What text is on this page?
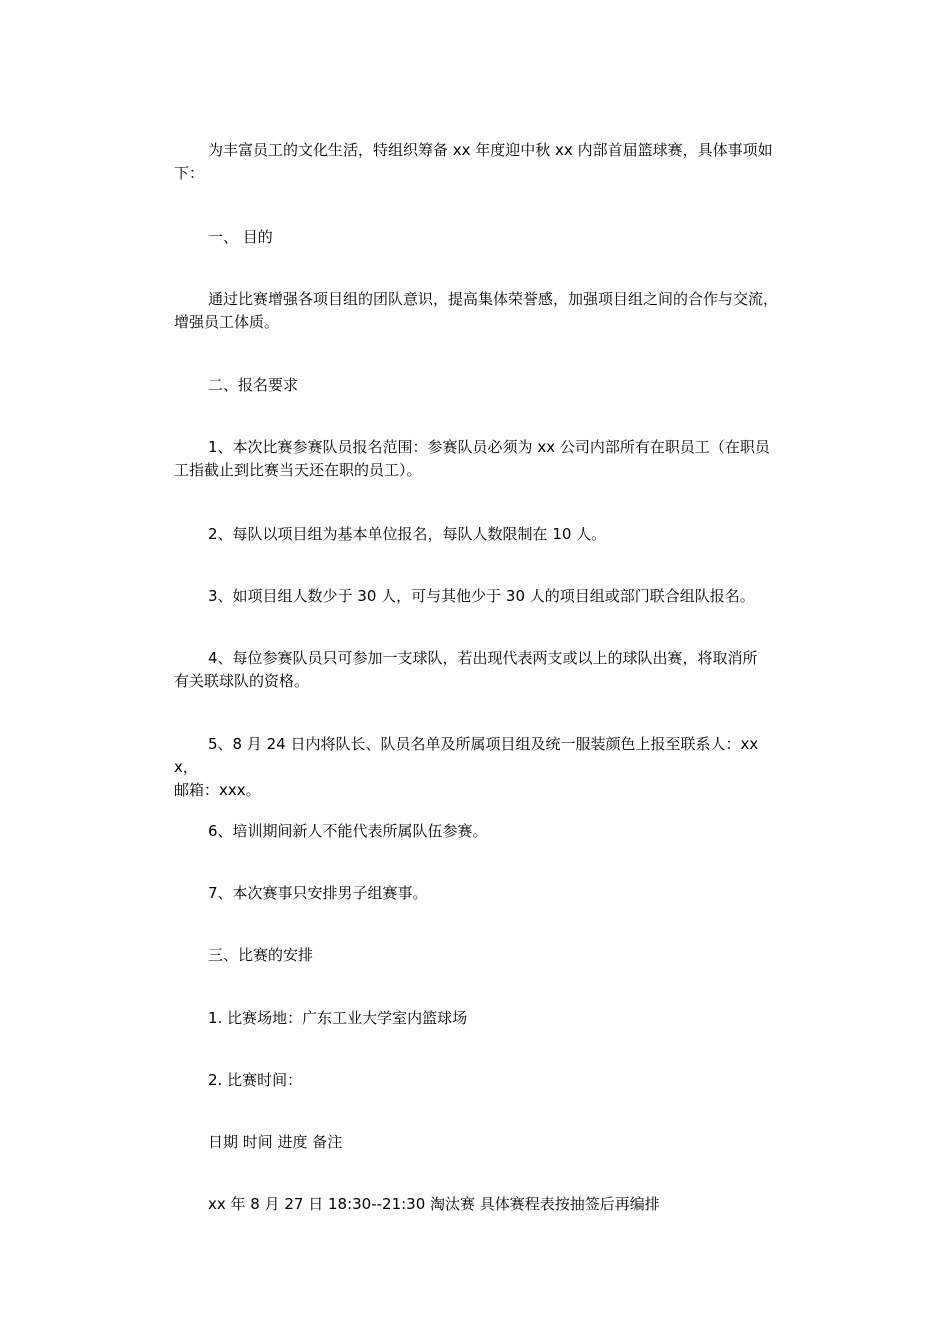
为丰富员工的文化生活，特组织筹备 xx 年度迎中秋 xx 内部首届篮球赛，具体事项如
下：

一、 目的

通过比赛增强各项目组的团队意识，提高集体荣誉感，加强项目组之间的合作与交流，
增强员工体质。

二、报名要求

1、本次比赛参赛队员报名范围：参赛队员必须为 xx 公司内部所有在职员工（在职员
工指截止到比赛当天还在职的员工）。

2、每队以项目组为基本单位报名，每队人数限制在 10 人。

3、如项目组人数少于 30 人，可与其他少于 30 人的项目组或部门联合组队报名。

4、每位参赛队员只可参加一支球队，若出现代表两支或以上的球队出赛，将取消所
有关联球队的资格。

5、8 月 24 日内将队长、队员名单及所属项目组及统一服装颜色上报至联系人：xxx，
邮箱：xxx。

6、培训期间新人不能代表所属队伍参赛。

7、本次赛事只安排男子组赛事。

三、比赛的安排

1. 比赛场地：广东工业大学室内篮球场

2. 比赛时间：

日期 时间 进度 备注

xx 年 8 月 27 日 18:30--21:30 淘汰赛 具体赛程表按抽签后再编排
